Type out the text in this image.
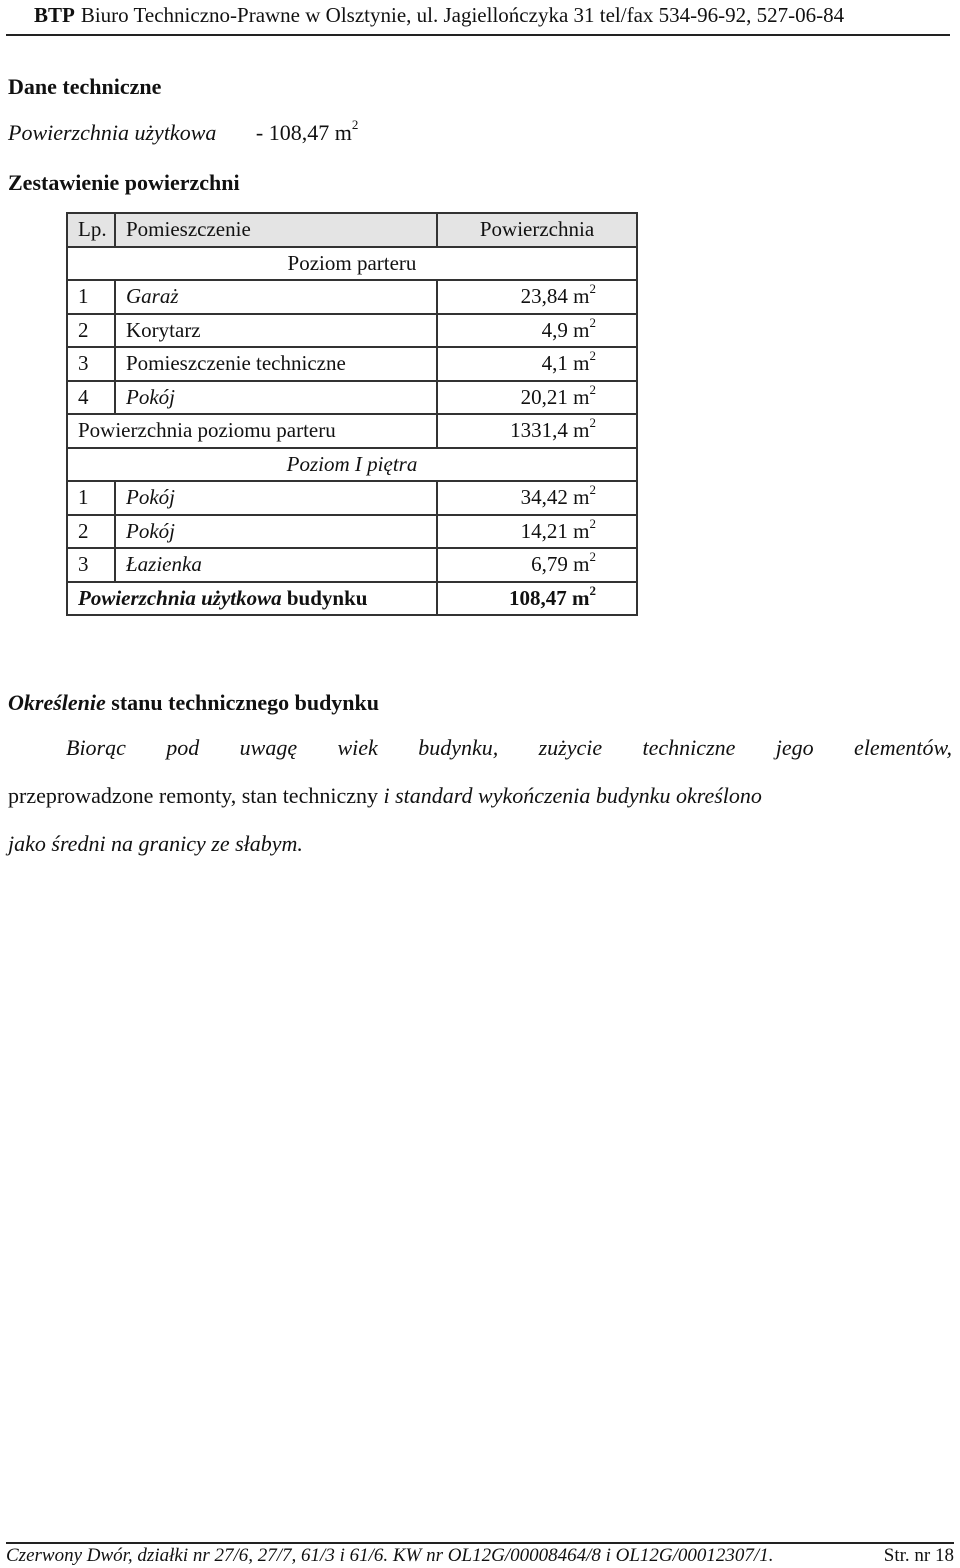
BTP Biuro Techniczno-Prawne w Olsztynie, ul. Jagiellończyka 31 tel/fax 534-96-92, 527-06-84
Dane techniczne
Powierzchnia użytkowa - 108,47 $m^2$
Zestawienie powierzchni
Lp.	Pomieszczenie	Powierzchnia
Poziom parteru		
1	Garaż	23,84 $m^2$
2	Korytarz	4,9 $m^2$
3	Pomieszczenie techniczne	4,1 $m^2$
4	Pokój	20,21 $m^2$
Powierzchnia poziomu parteru		1331,4 $m^2$
Poziom I piętra		
1	Pokój	34,42 $m^2$
2	Pokój	14,21 $m^2$
3	Łazienka	6,79 $m^2$
Powierzchnia użytkowa budynku		108,47 $m^2$
Określenie stanu technicznego budynku
Biorąc pod uwagę wiek budynku, zużycie techniczne jego elementów,
przeprowadzone remonty, stan techniczny i standard wykończenia budynku określono
jako średni na granicy ze słabym.
Czerwony Dwór, działki nr 27/6, 27/7, 61/3 i 61/6. KW nr OL12G/00008464/8 i OL12G/00012307/1.	Str. nr 18
